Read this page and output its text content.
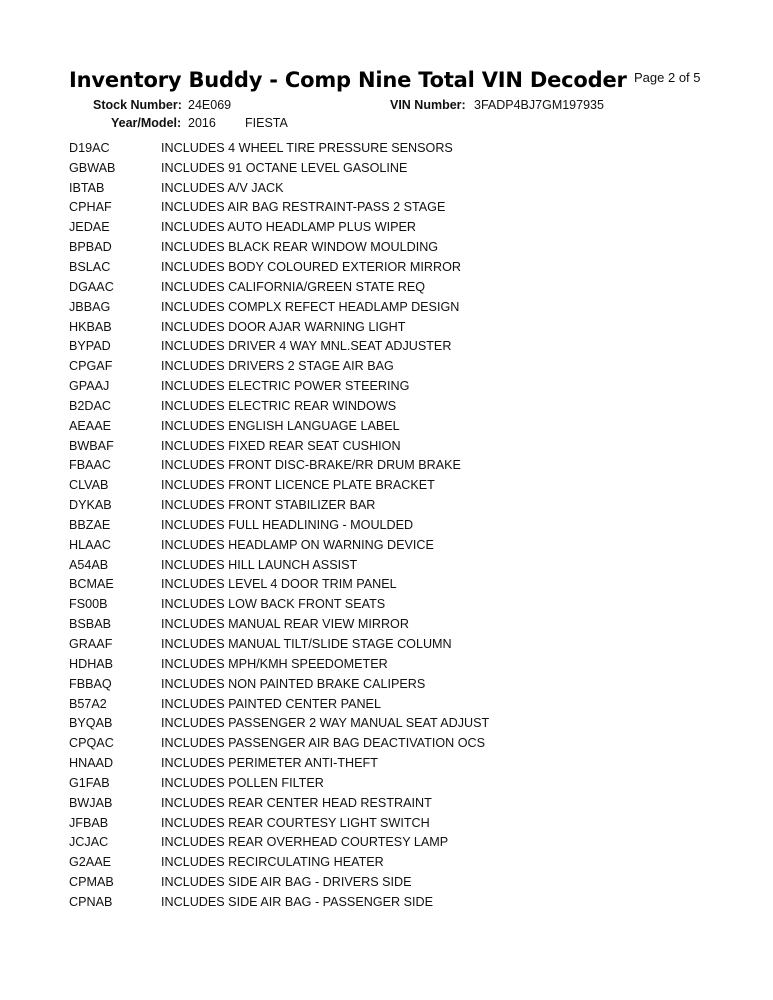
Inventory Buddy - Comp Nine Total VIN Decoder Page 2 of 5
Stock Number: 24E069	VIN Number: 3FADP4BJ7GM197935
Year/Model: 2016 FIESTA
D19AC	INCLUDES 4 WHEEL TIRE PRESSURE SENSORS
GBWAB	INCLUDES 91 OCTANE LEVEL GASOLINE
IBTAB	INCLUDES A/V JACK
CPHAF	INCLUDES AIR BAG RESTRAINT-PASS 2 STAGE
JEDAE	INCLUDES AUTO HEADLAMP PLUS WIPER
BPBAD	INCLUDES BLACK REAR WINDOW MOULDING
BSLAC	INCLUDES BODY COLOURED EXTERIOR MIRROR
DGAAC	INCLUDES CALIFORNIA/GREEN STATE REQ
JBBAG	INCLUDES COMPLX REFECT HEADLAMP DESIGN
HKBAB	INCLUDES DOOR AJAR WARNING LIGHT
BYPAD	INCLUDES DRIVER 4 WAY MNL.SEAT ADJUSTER
CPGAF	INCLUDES DRIVERS 2 STAGE AIR BAG
GPAAJ	INCLUDES ELECTRIC POWER STEERING
B2DAC	INCLUDES ELECTRIC REAR WINDOWS
AEAAE	INCLUDES ENGLISH LANGUAGE LABEL
BWBAF	INCLUDES FIXED REAR SEAT CUSHION
FBAAC	INCLUDES FRONT DISC-BRAKE/RR DRUM BRAKE
CLVAB	INCLUDES FRONT LICENCE PLATE BRACKET
DYKAB	INCLUDES FRONT STABILIZER BAR
BBZAE	INCLUDES FULL HEADLINING - MOULDED
HLAAC	INCLUDES HEADLAMP ON WARNING DEVICE
A54AB	INCLUDES HILL LAUNCH ASSIST
BCMAE	INCLUDES LEVEL 4 DOOR TRIM PANEL
FS00B	INCLUDES LOW BACK FRONT SEATS
BSBAB	INCLUDES MANUAL REAR VIEW MIRROR
GRAAF	INCLUDES MANUAL TILT/SLIDE STAGE COLUMN
HDHAB	INCLUDES MPH/KMH SPEEDOMETER
FBBAQ	INCLUDES NON PAINTED BRAKE CALIPERS
B57A2	INCLUDES PAINTED CENTER PANEL
BYQAB	INCLUDES PASSENGER 2 WAY MANUAL SEAT ADJUST
CPQAC	INCLUDES PASSENGER AIR BAG DEACTIVATION OCS
HNAAD	INCLUDES PERIMETER ANTI-THEFT
G1FAB	INCLUDES POLLEN FILTER
BWJAB	INCLUDES REAR CENTER HEAD RESTRAINT
JFBAB	INCLUDES REAR COURTESY LIGHT SWITCH
JCJAC	INCLUDES REAR OVERHEAD COURTESY LAMP
G2AAE	INCLUDES RECIRCULATING HEATER
CPMAB	INCLUDES SIDE AIR BAG - DRIVERS SIDE
CPNAB	INCLUDES SIDE AIR BAG - PASSENGER SIDE
